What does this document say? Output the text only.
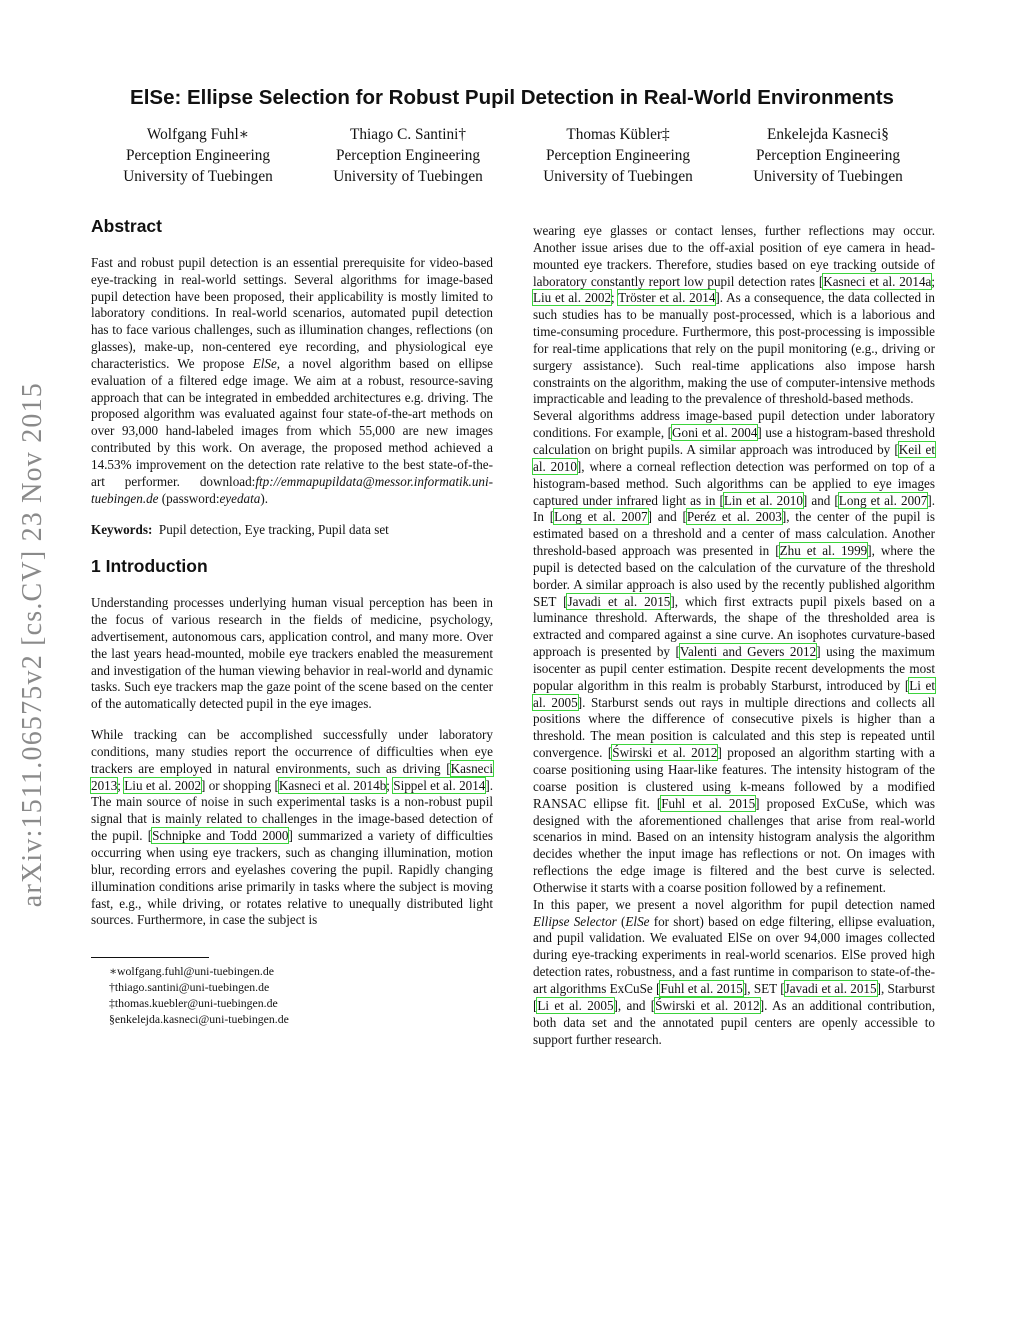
arXiv:1511.06575v2 [cs.CV] 23 Nov 2015
ElSe: Ellipse Selection for Robust Pupil Detection in Real-World Environments
Wolfgang Fuhl∗
Perception Engineering
University of Tuebingen
Thiago C. Santini†
Perception Engineering
University of Tuebingen
Thomas Kübler‡
Perception Engineering
University of Tuebingen
Enkelejda Kasneci§
Perception Engineering
University of Tuebingen
Abstract

Fast and robust pupil detection is an essential prerequisite for video-based eye-tracking in real-world settings. Several algorithms for image-based pupil detection have been proposed, their applicability is mostly limited to laboratory conditions. In real-world scenarios, automated pupil detection has to face various challenges, such as illumination changes, reflections (on glasses), make-up, non-centered eye recording, and physiological eye characteristics. We propose ElSe, a novel algorithm based on ellipse evaluation of a filtered edge image. We aim at a robust, resource-saving approach that can be integrated in embedded architectures e.g. driving. The proposed algorithm was evaluated against four state-of-the-art methods on over 93,000 hand-labeled images from which 55,000 are new images contributed by this work. On average, the proposed method achieved a 14.53% improvement on the detection rate relative to the best state-of-the-art performer. download:ftp://emmapupildata@messor.informatik.uni-tuebingen.de (password:eyedata).

Keywords: Pupil detection, Eye tracking, Pupil data set

1 Introduction

Understanding processes underlying human visual perception has been in the focus of various research in the fields of medicine, psychology, advertisement, autonomous cars, application control, and many more. Over the last years head-mounted, mobile eye trackers enabled the measurement and investigation of the human viewing behavior in real-world and dynamic tasks. Such eye trackers map the gaze point of the scene based on the center of the automatically detected pupil in the eye images.

While tracking can be accomplished successfully under laboratory conditions, many studies report the occurrence of difficulties when eye trackers are employed in natural environments, such as driving [Kasneci 2013; Liu et al. 2002] or shopping [Kasneci et al. 2014b; Sippel et al. 2014]. The main source of noise in such experimental tasks is a non-robust pupil signal that is mainly related to challenges in the image-based detection of the pupil. [Schnipke and Todd 2000] summarized a variety of difficulties occurring when using eye trackers, such as changing illumination, motion blur, recording errors and eyelashes covering the pupil. Rapidly changing illumination conditions arise primarily in tasks where the subject is moving fast, e.g., while driving, or rotates relative to unequally distributed light sources. Furthermore, in case the subject is

∗wolfgang.fuhl@uni-tuebingen.de
†thiago.santini@uni-tuebingen.de
‡thomas.kuebler@uni-tuebingen.de
§enkelejda.kasneci@uni-tuebingen.de

wearing eye glasses or contact lenses, further reflections may occur. Another issue arises due to the off-axial position of eye camera in head-mounted eye trackers. Therefore, studies based on eye tracking outside of laboratory constantly report low pupil detection rates [Kasneci et al. 2014a; Liu et al. 2002; Tröster et al. 2014]. As a consequence, the data collected in such studies has to be manually post-processed, which is a laborious and time-consuming procedure. Furthermore, this post-processing is impossible for real-time applications that rely on the pupil monitoring (e.g., driving or surgery assistance). Such real-time applications also impose harsh constraints on the algorithm, making the use of computer-intensive methods impracticable and leading to the prevalence of threshold-based methods.

Several algorithms address image-based pupil detection under laboratory conditions. For example, [Goni et al. 2004] use a histogram-based threshold calculation on bright pupils. A similar approach was introduced by [Keil et al. 2010], where a corneal reflection detection was performed on top of a histogram-based method. Such algorithms can be applied to eye images captured under infrared light as in [Lin et al. 2010] and [Long et al. 2007]. In [Long et al. 2007] and [Peréz et al. 2003], the center of the pupil is estimated based on a threshold and a center of mass calculation. Another threshold-based approach was presented in [Zhu et al. 1999], where the pupil is detected based on the calculation of the curvature of the threshold border. A similar approach is also used by the recently published algorithm SET [Javadi et al. 2015], which first extracts pupil pixels based on a luminance threshold. Afterwards, the shape of the thresholded area is extracted and compared against a sine curve. An isophotes curvature-based approach is presented by [Valenti and Gevers 2012] using the maximum isocenter as pupil center estimation. Despite recent developments the most popular algorithm in this realm is probably Starburst, introduced by [Li et al. 2005]. Starburst sends out rays in multiple directions and collects all positions where the difference of consecutive pixels is higher than a threshold. The mean position is calculated and this step is repeated until convergence. [Świrski et al. 2012] proposed an algorithm starting with a coarse positioning using Haar-like features. The intensity histogram of the coarse position is clustered using k-means followed by a modified RANSAC ellipse fit. [Fuhl et al. 2015] proposed ExCuSe, which was designed with the aforementioned challenges that arise from real-world scenarios in mind. Based on an intensity histogram analysis the algorithm decides whether the input image has reflections or not. On images with reflections the edge image is filtered and the best curve is selected. Otherwise it starts with a coarse position followed by a refinement.

In this paper, we present a novel algorithm for pupil detection named Ellipse Selector (ElSe for short) based on edge filtering, ellipse evaluation, and pupil validation. We evaluated ElSe on over 94,000 images collected during eye-tracking experiments in real-world scenarios. ElSe proved high detection rates, robustness, and a fast runtime in comparison to state-of-the-art algorithms ExCuSe [Fuhl et al. 2015], SET [Javadi et al. 2015], Starburst [Li et al. 2005], and [Świrski et al. 2012]. As an additional contribution, both data set and the annotated pupil centers are openly accessible to support further research.
